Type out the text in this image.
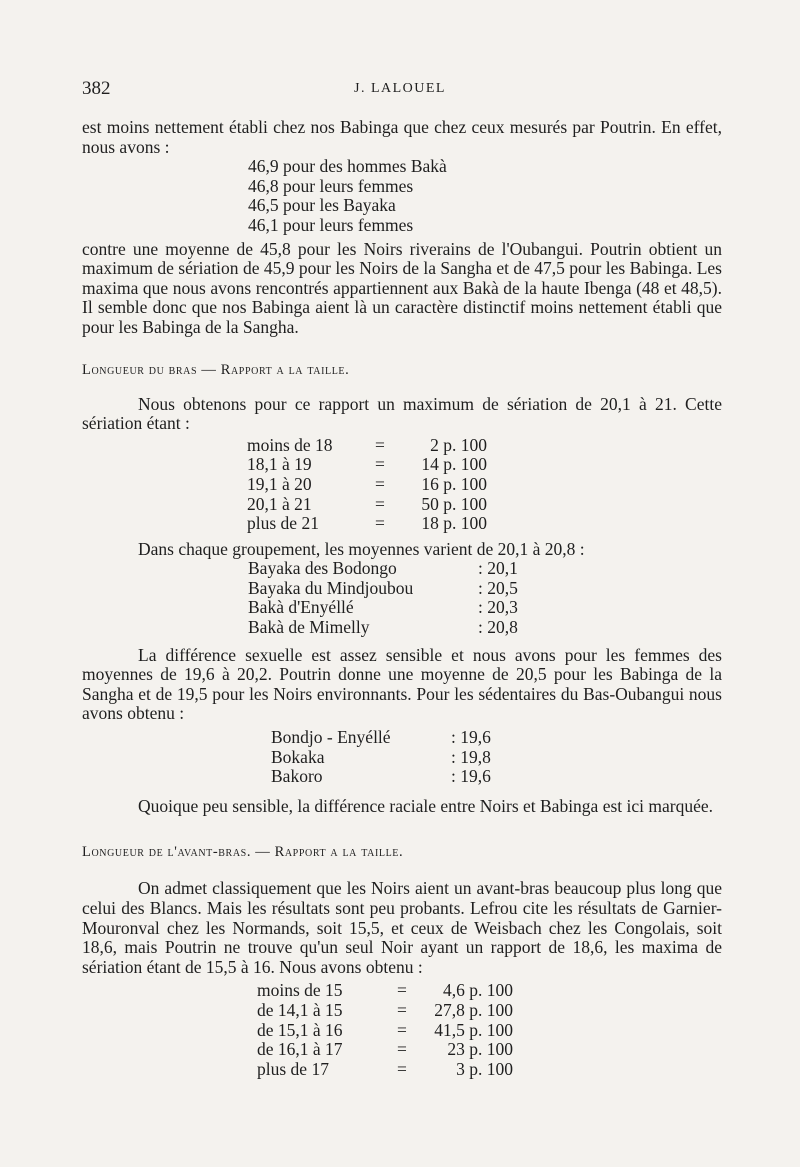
382	J. LALOUEL

est moins nettement établi chez nos Babinga que chez ceux mesurés par Poutrin. En effet, nous avons :

46,9 pour des hommes Bakà
46,8 pour leurs femmes
46,5 pour les Bayaka
46,1 pour leurs femmes

contre une moyenne de 45,8 pour les Noirs riverains de l'Oubangui. Poutrin obtient un maximum de sériation de 45,9 pour les Noirs de la Sangha et de 47,5 pour les Babinga. Les maxima que nous avons rencontrés appartiennent aux Bakà de la haute Ibenga (48 et 48,5). Il semble donc que nos Babinga aient là un caractère distinctif moins nettement établi que pour les Babinga de la Sangha.

Longueur du bras — Rapport a la taille.

Nous obtenons pour ce rapport un maximum de sériation de 20,1 à 21. Cette sériation étant :

moins de 18	=	2 p. 100
18,1 à 19	=	14 p. 100
19,1 à 20	=	16 p. 100
20,1 à 21	=	50 p. 100
plus de 21	=	18 p. 100

Dans chaque groupement, les moyennes varient de 20,1 à 20,8 :

Bayaka des Bodongo	: 20,1
Bayaka du Mindjoubou	: 20,5
Bakà d'Enyéllé	: 20,3
Bakà de Mimelly	: 20,8

La différence sexuelle est assez sensible et nous avons pour les femmes des moyennes de 19,6 à 20,2. Poutrin donne une moyenne de 20,5 pour les Babinga de la Sangha et de 19,5 pour les Noirs environnants. Pour les sédentaires du Bas-Oubangui nous avons obtenu :

Bondjo - Enyéllé	: 19,6
Bokaka	: 19,8
Bakoro	: 19,6

Quoique peu sensible, la différence raciale entre Noirs et Babinga est ici marquée.

Longueur de l'avant-bras. — Rapport a la taille.

On admet classiquement que les Noirs aient un avant-bras beaucoup plus long que celui des Blancs. Mais les résultats sont peu probants. Lefrou cite les résultats de Garnier-Mouronval chez les Normands, soit 15,5, et ceux de Weisbach chez les Congolais, soit 18,6, mais Poutrin ne trouve qu'un seul Noir ayant un rapport de 18,6, les maxima de sériation étant de 15,5 à 16. Nous avons obtenu :

moins de 15	=	4,6 p. 100
de 14,1 à 15	=	27,8 p. 100
de 15,1 à 16	=	41,5 p. 100
de 16,1 à 17	=	23 p. 100
plus de 17	=	3 p. 100
